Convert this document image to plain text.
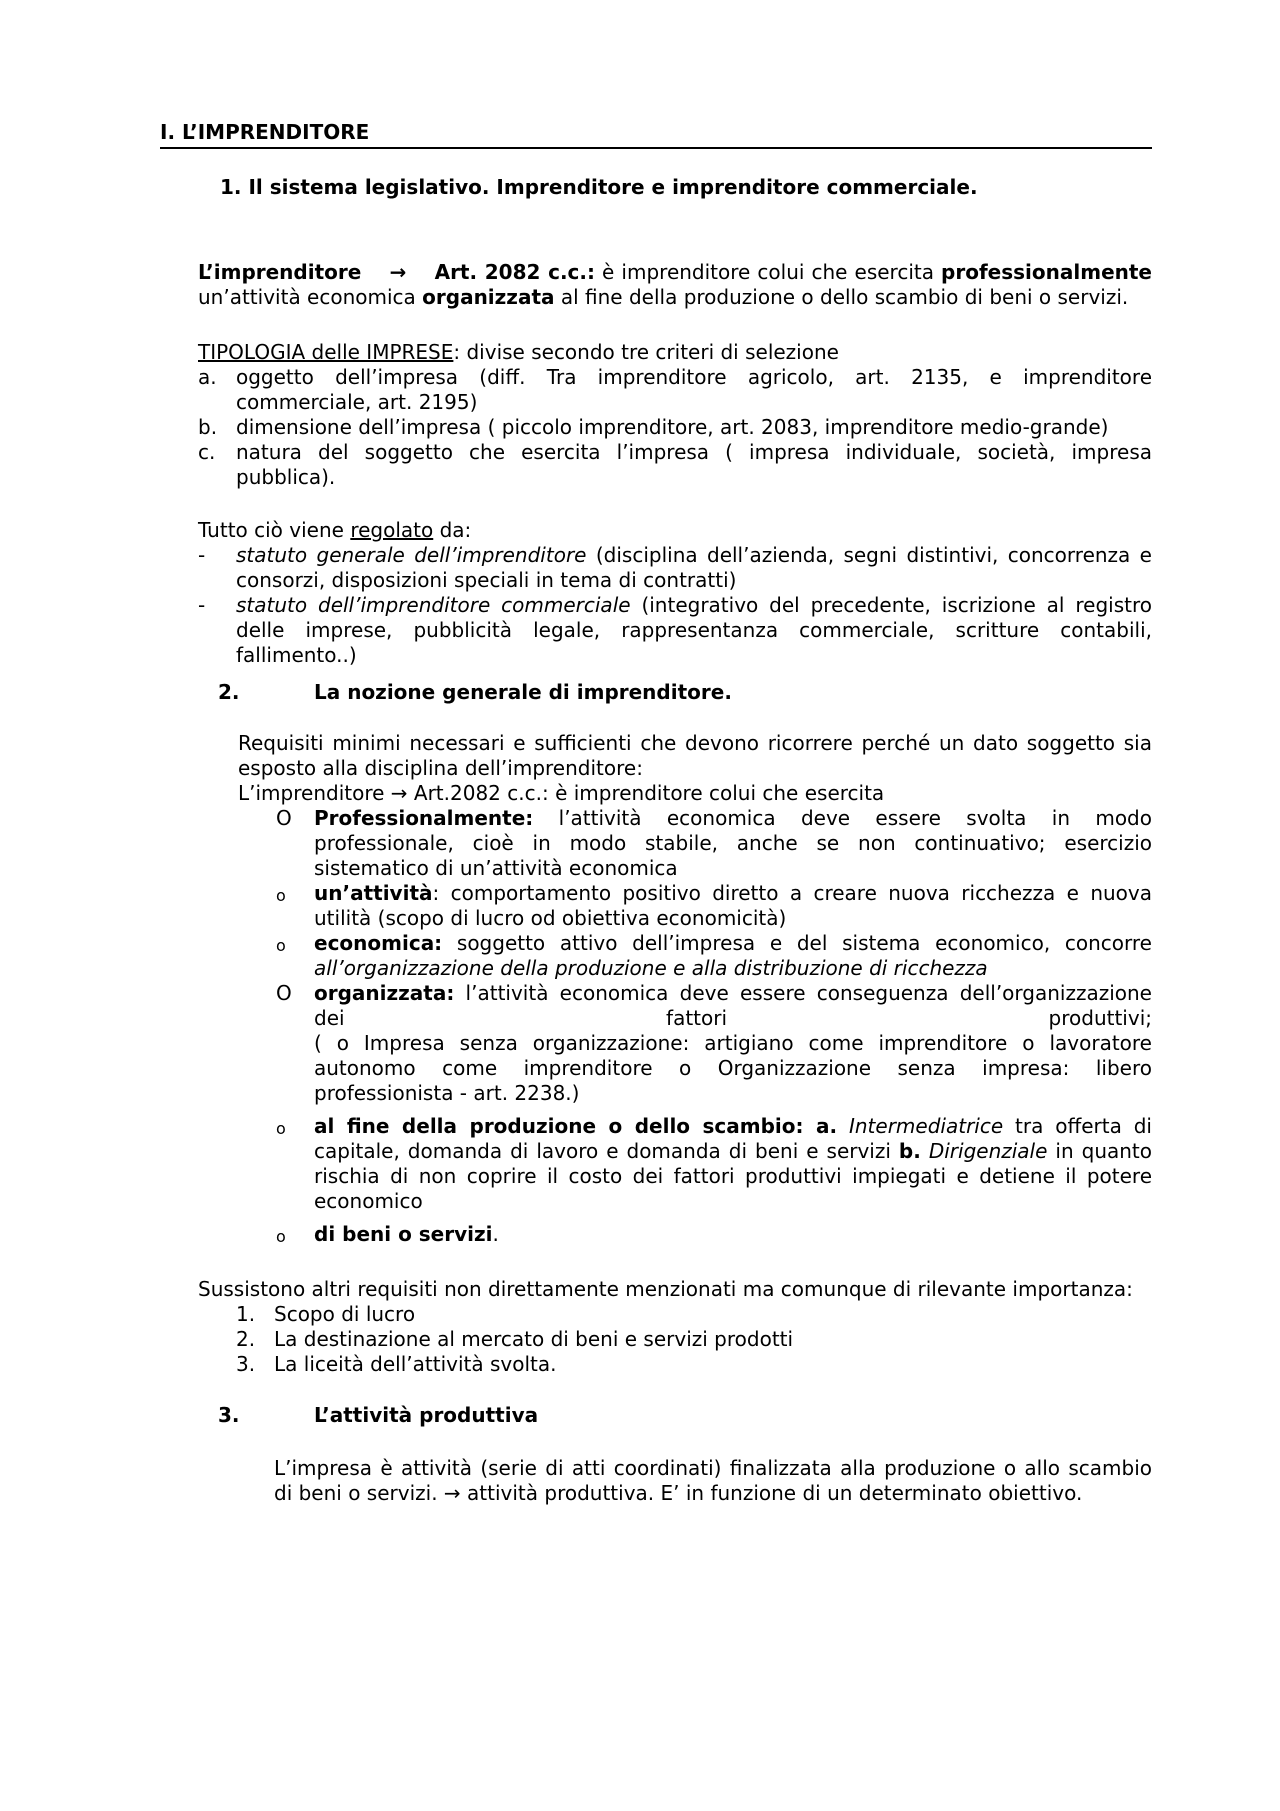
I. L’IMPRENDITORE
1. Il sistema legislativo. Imprenditore e imprenditore commerciale.
L’imprenditore → Art. 2082 c.c.: è imprenditore colui che esercita professionalmente un’attività economica organizzata al fine della produzione o dello scambio di beni o servizi.
TIPOLOGIA delle IMPRESE: divise secondo tre criteri di selezione
a. oggetto dell’impresa (diff. Tra imprenditore agricolo, art. 2135, e imprenditore commerciale, art. 2195)
b. dimensione dell’impresa ( piccolo imprenditore, art. 2083, imprenditore medio-grande)
c.	natura del soggetto che esercita l’impresa ( impresa individuale, società, impresa pubblica).
Tutto ciò viene regolato da:
-	statuto generale dell’imprenditore (disciplina dell’azienda, segni distintivi, concorrenza e consorzi, disposizioni speciali in tema di contratti)
-	statuto dell’imprenditore commerciale (integrativo del precedente, iscrizione al registro delle imprese, pubblicità legale, rappresentanza commerciale, scritture contabili, fallimento..)
2.	La nozione generale di imprenditore.
Requisiti minimi necessari e sufficienti che devono ricorrere perché un dato soggetto sia esposto alla disciplina dell’imprenditore:
L’imprenditore → Art.2082 c.c.: è imprenditore colui che esercita
O	Professionalmente: l’attività economica deve essere svolta in modo professionale, cioè in modo stabile, anche se non continuativo; esercizio sistematico di un’attività economica
o	un’attività: comportamento positivo diretto a creare nuova ricchezza e nuova utilità (scopo di lucro od obiettiva economicità)
o	economica: soggetto attivo dell’impresa e del sistema economico, concorre all’organizzazione della produzione e alla distribuzione di ricchezza
O	organizzata: l’attività economica deve essere conseguenza dell’organizzazione dei fattori produttivi;
( o Impresa senza organizzazione: artigiano come imprenditore o lavoratore autonomo come imprenditore o Organizzazione senza impresa: libero professionista - art. 2238.)
o	al fine della produzione o dello scambio: a. Intermediatrice tra offerta di capitale, domanda di lavoro e domanda di beni e servizi b. Dirigenziale in quanto rischia di non coprire il costo dei fattori produttivi impiegati e detiene il potere economico
o	di beni o servizi.
Sussistono altri requisiti non direttamente menzionati ma comunque di rilevante importanza:
1. Scopo di lucro
2. La destinazione al mercato di beni e servizi prodotti
3. La liceità dell’attività svolta.
3.	L’attività produttiva
L’impresa è attività (serie di atti coordinati) finalizzata alla produzione o allo scambio di beni o servizi. → attività produttiva. E’ in funzione di un determinato obiettivo.
